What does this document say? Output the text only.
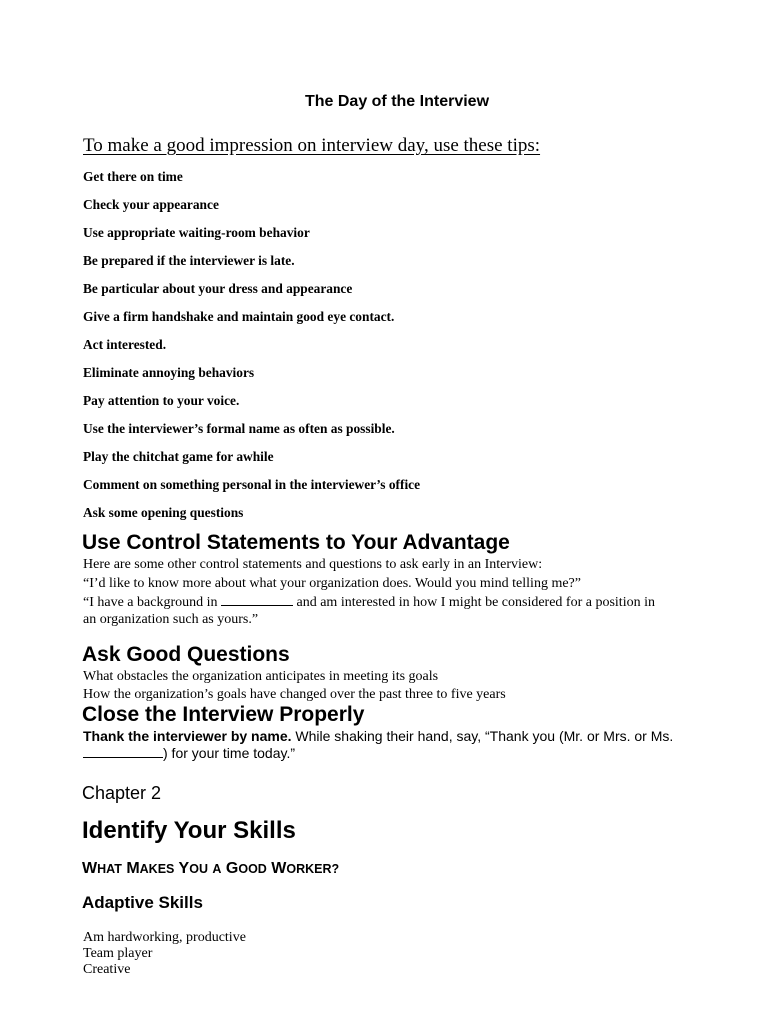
The Day of the Interview
To make a good impression on interview day, use these tips:
Get there on time
Check your appearance
Use appropriate waiting-room behavior
Be prepared if the interviewer is late.
Be particular about your dress and appearance
Give a firm handshake and maintain good eye contact.
Act interested.
Eliminate annoying behaviors
Pay attention to your voice.
Use the interviewer’s formal name as often as possible.
Play the chitchat game for awhile
Comment on something personal in the interviewer’s office
Ask some opening questions
Use Control Statements to Your Advantage
Here are some other control statements and questions to ask early in an Interview:
“I’d like to know more about what your organization does. Would you mind telling me?”
“I have a background in	and am interested in how I might be considered for a position in
an organization such as yours.”
Ask Good Questions
What obstacles the organization anticipates in meeting its goals
How the organization’s goals have changed over the past three to five years
Close the Interview Properly
Thank the interviewer by name. While shaking their hand, say, “Thank you (Mr. or Mrs. or Ms.
) for your time today.”
Chapter 2
Identify Your Skills
WHAT MAKES YOU A GOOD WORKER?
Adaptive Skills
Am hardworking, productive
Team player
Creative
